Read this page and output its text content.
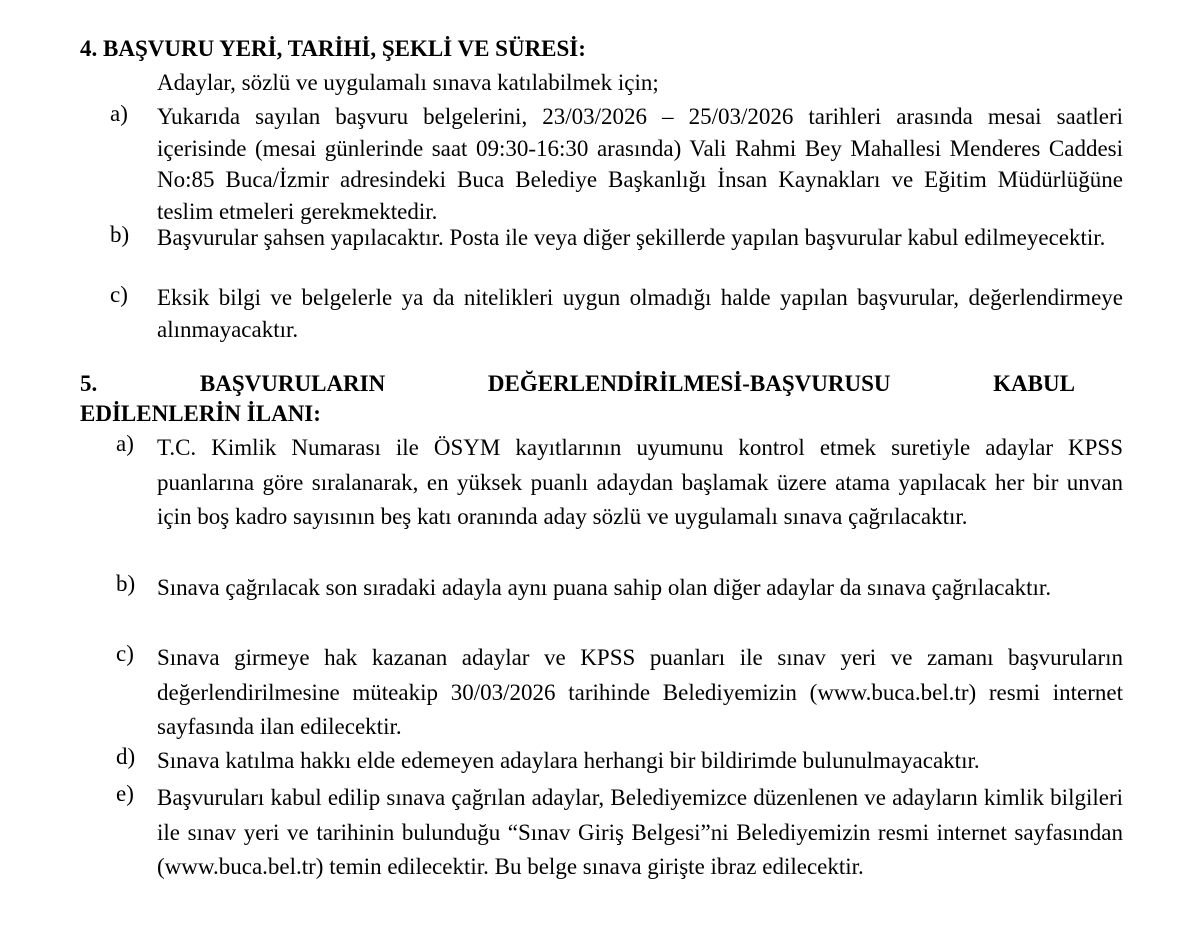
4. BAŞVURU YERİ, TARİHİ, ŞEKLİ VE SÜRESİ:
Adaylar, sözlü ve uygulamalı sınava katılabilmek için;
a) Yukarıda sayılan başvuru belgelerini, 23/03/2026 – 25/03/2026 tarihleri arasında mesai saatleri içerisinde (mesai günlerinde saat 09:30-16:30 arasında) Vali Rahmi Bey Mahallesi Menderes Caddesi No:85 Buca/İzmir adresindeki Buca Belediye Başkanlığı İnsan Kaynakları ve Eğitim Müdürlüğüne teslim etmeleri gerekmektedir.
b) Başvurular şahsen yapılacaktır. Posta ile veya diğer şekillerde yapılan başvurular kabul edilmeyecektir.
c) Eksik bilgi ve belgelerle ya da nitelikleri uygun olmadığı halde yapılan başvurular, değerlendirmeye alınmayacaktır.
5.	BAŞVURULARIN	DEĞERLENDİRİLMESİ-BAŞVURUSU	KABUL
EDİLENLERİN İLANI:
a) T.C. Kimlik Numarası ile ÖSYM kayıtlarının uyumunu kontrol etmek suretiyle adaylar KPSS puanlarına göre sıralanarak, en yüksek puanlı adaydan başlamak üzere atama yapılacak her bir unvan için boş kadro sayısının beş katı oranında aday sözlü ve uygulamalı sınava çağrılacaktır.
b) Sınava çağrılacak son sıradaki adayla aynı puana sahip olan diğer adaylar da sınava çağrılacaktır.
c) Sınava girmeye hak kazanan adaylar ve KPSS puanları ile sınav yeri ve zamanı başvuruların değerlendirilmesine müteakip 30/03/2026 tarihinde Belediyemizin (www.buca.bel.tr) resmi internet sayfasında ilan edilecektir.
d) Sınava katılma hakkı elde edemeyen adaylara herhangi bir bildirimde bulunulmayacaktır.
e) Başvuruları kabul edilip sınava çağrılan adaylar, Belediyemizce düzenlenen ve adayların kimlik bilgileri ile sınav yeri ve tarihinin bulunduğu “Sınav Giriş Belgesi”ni Belediyemizin resmi internet sayfasından (www.buca.bel.tr) temin edilecektir. Bu belge sınava girişte ibraz edilecektir.
